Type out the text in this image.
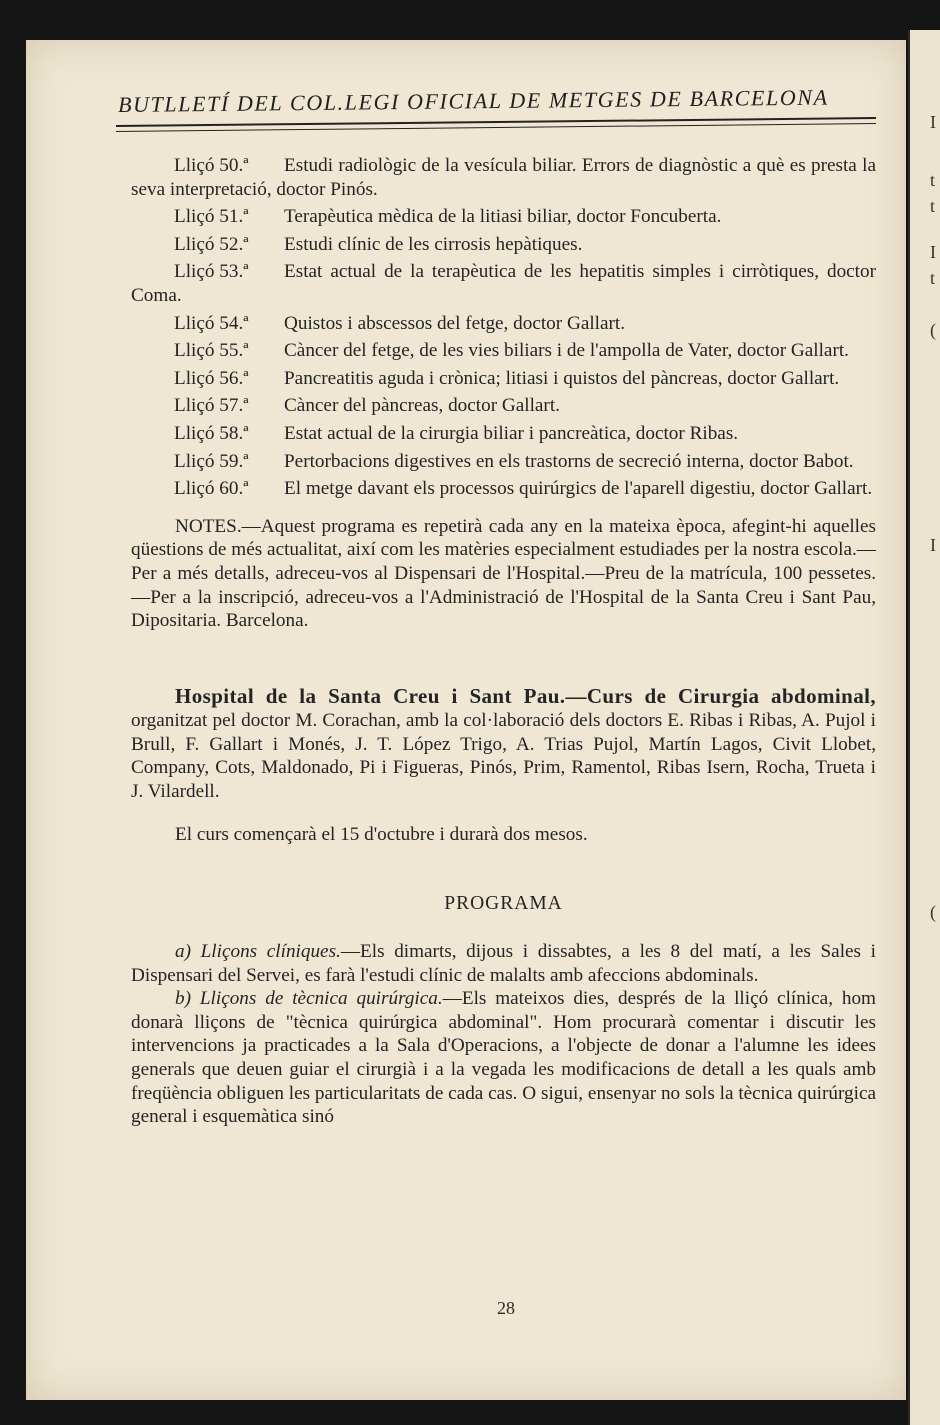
I
t
t
I
t
(
I
(
BUTLLETÍ DEL COL.LEGI OFICIAL DE METGES DE BARCELONA

Lliçó 50.ª Estudi radiològic de la vesícula biliar. Errors de diagnòstic a què es presta la seva interpretació, doctor Pinós.

Lliçó 51.ª Terapèutica mèdica de la litiasi biliar, doctor Foncuberta.

Lliçó 52.ª Estudi clínic de les cirrosis hepàtiques.

Lliçó 53.ª Estat actual de la terapèutica de les hepatitis simples i cirròtiques, doctor Coma.

Lliçó 54.ª Quistos i abscessos del fetge, doctor Gallart.

Lliçó 55.ª Càncer del fetge, de les vies biliars i de l'ampolla de Vater, doctor Gallart.

Lliçó 56.ª Pancreatitis aguda i crònica; litiasi i quistos del pàncreas, doctor Gallart.

Lliçó 57.ª Càncer del pàncreas, doctor Gallart.

Lliçó 58.ª Estat actual de la cirurgia biliar i pancreàtica, doctor Ribas.

Lliçó 59.ª Pertorbacions digestives en els trastorns de secreció interna, doctor Babot.

Lliçó 60.ª El metge davant els processos quirúrgics de l'aparell digestiu, doctor Gallart.

NOTES.—Aquest programa es repetirà cada any en la mateixa època, afegint-hi aquelles qüestions de més actualitat, així com les matèries especialment estudiades per la nostra escola.—Per a més detalls, adreceu-vos al Dispensari de l'Hospital.—Preu de la matrícula, 100 pessetes.—Per a la inscripció, adreceu-vos a l'Administració de l'Hospital de la Santa Creu i Sant Pau, Dipositaria. Barcelona.

Hospital de la Santa Creu i Sant Pau.—Curs de Cirurgia abdominal, organitzat pel doctor M. Corachan, amb la col·laboració dels doctors E. Ribas i Ribas, A. Pujol i Brull, F. Gallart i Monés, J. T. López Trigo, A. Trias Pujol, Martín Lagos, Civit Llobet, Company, Cots, Maldonado, Pi i Figueras, Pinós, Prim, Ramentol, Ribas Isern, Rocha, Trueta i J. Vilardell.

El curs començarà el 15 d'octubre i durarà dos mesos.

PROGRAMA

a) Lliçons clíniques.—Els dimarts, dijous i dissabtes, a les 8 del matí, a les Sales i Dispensari del Servei, es farà l'estudi clínic de malalts amb afeccions abdominals.

b) Lliçons de tècnica quirúrgica.—Els mateixos dies, després de la lliçó clínica, hom donarà lliçons de "tècnica quirúrgica abdominal". Hom procurarà comentar i discutir les intervencions ja practicades a la Sala d'Operacions, a l'objecte de donar a l'alumne les idees generals que deuen guiar el cirurgià i a la vegada les modificacions de detall a les quals amb freqüència obliguen les particularitats de cada cas. O sigui, ensenyar no sols la tècnica quirúrgica general i esquemàtica sinó

28
